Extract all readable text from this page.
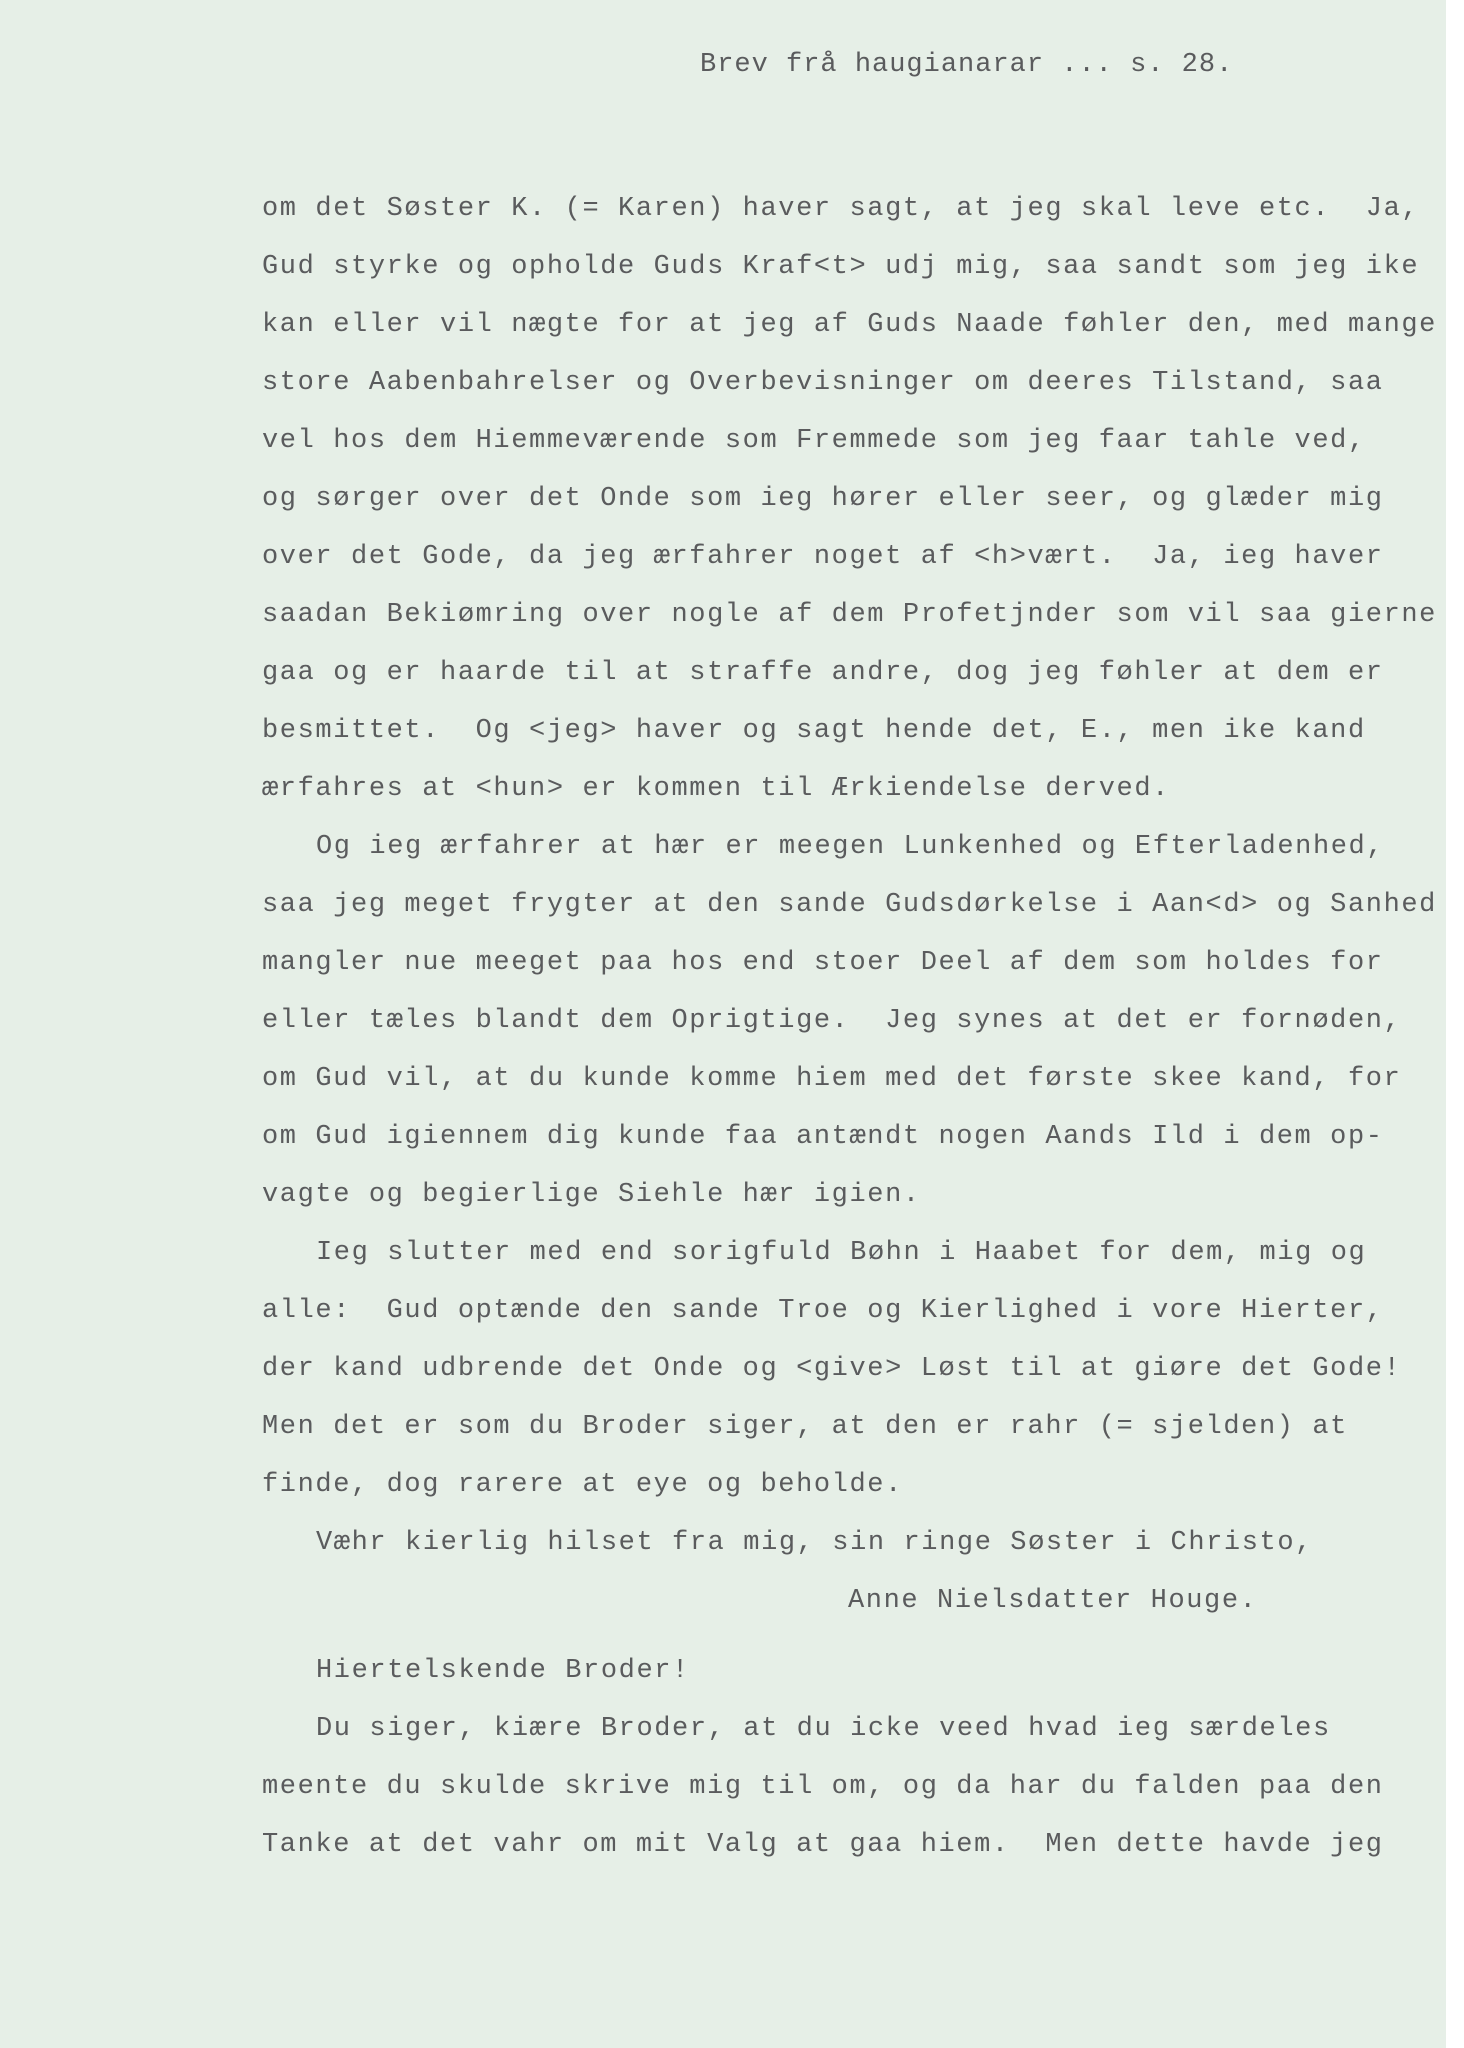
Brev frå haugianarar ... s. 28.
om det Søster K. (= Karen) haver sagt, at jeg skal leve etc.  Ja,
Gud styrke og opholde Guds Kraf<t> udj mig, saa sandt som jeg ike
kan eller vil nægte for at jeg af Guds Naade føhler den, med mange
store Aabenbahrelser og Overbevisninger om deeres Tilstand, saa
vel hos dem Hiemmeværende som Fremmede som jeg faar tahle ved,
og sørger over det Onde som ieg hører eller seer, og glæder mig
over det Gode, da jeg ærfahrer noget af <h>vært.  Ja, ieg haver
saadan Bekiømring over nogle af dem Profetjnder som vil saa gierne
gaa og er haarde til at straffe andre, dog jeg føhler at dem er
besmittet.  Og <jeg> haver og sagt hende det, E., men ike kand
ærfahres at <hun> er kommen til Ærkiendelse derved.
Og ieg ærfahrer at hær er meegen Lunkenhed og Efterladenhed,
saa jeg meget frygter at den sande Gudsdørkelse i Aan<d> og Sanhed
mangler nue meeget paa hos end stoer Deel af dem som holdes for
eller tæles blandt dem Oprigtige.  Jeg synes at det er fornøden,
om Gud vil, at du kunde komme hiem med det første skee kand, for
om Gud igiennem dig kunde faa antændt nogen Aands Ild i dem op-
vagte og begierlige Siehle hær igien.
Ieg slutter med end sorigfuld Bøhn i Haabet for dem, mig og
alle:  Gud optænde den sande Troe og Kierlighed i vore Hierter,
der kand udbrende det Onde og <give> Løst til at giøre det Gode!
Men det er som du Broder siger, at den er rahr (= sjelden) at
finde, dog rarere at eye og beholde.
Væhr kierlig hilset fra mig, sin ringe Søster i Christo,
Anne Nielsdatter Houge.
Hiertelskende Broder!
Du siger, kiære Broder, at du icke veed hvad ieg særdeles
meente du skulde skrive mig til om, og da har du falden paa den
Tanke at det vahr om mit Valg at gaa hiem.  Men dette havde jeg
